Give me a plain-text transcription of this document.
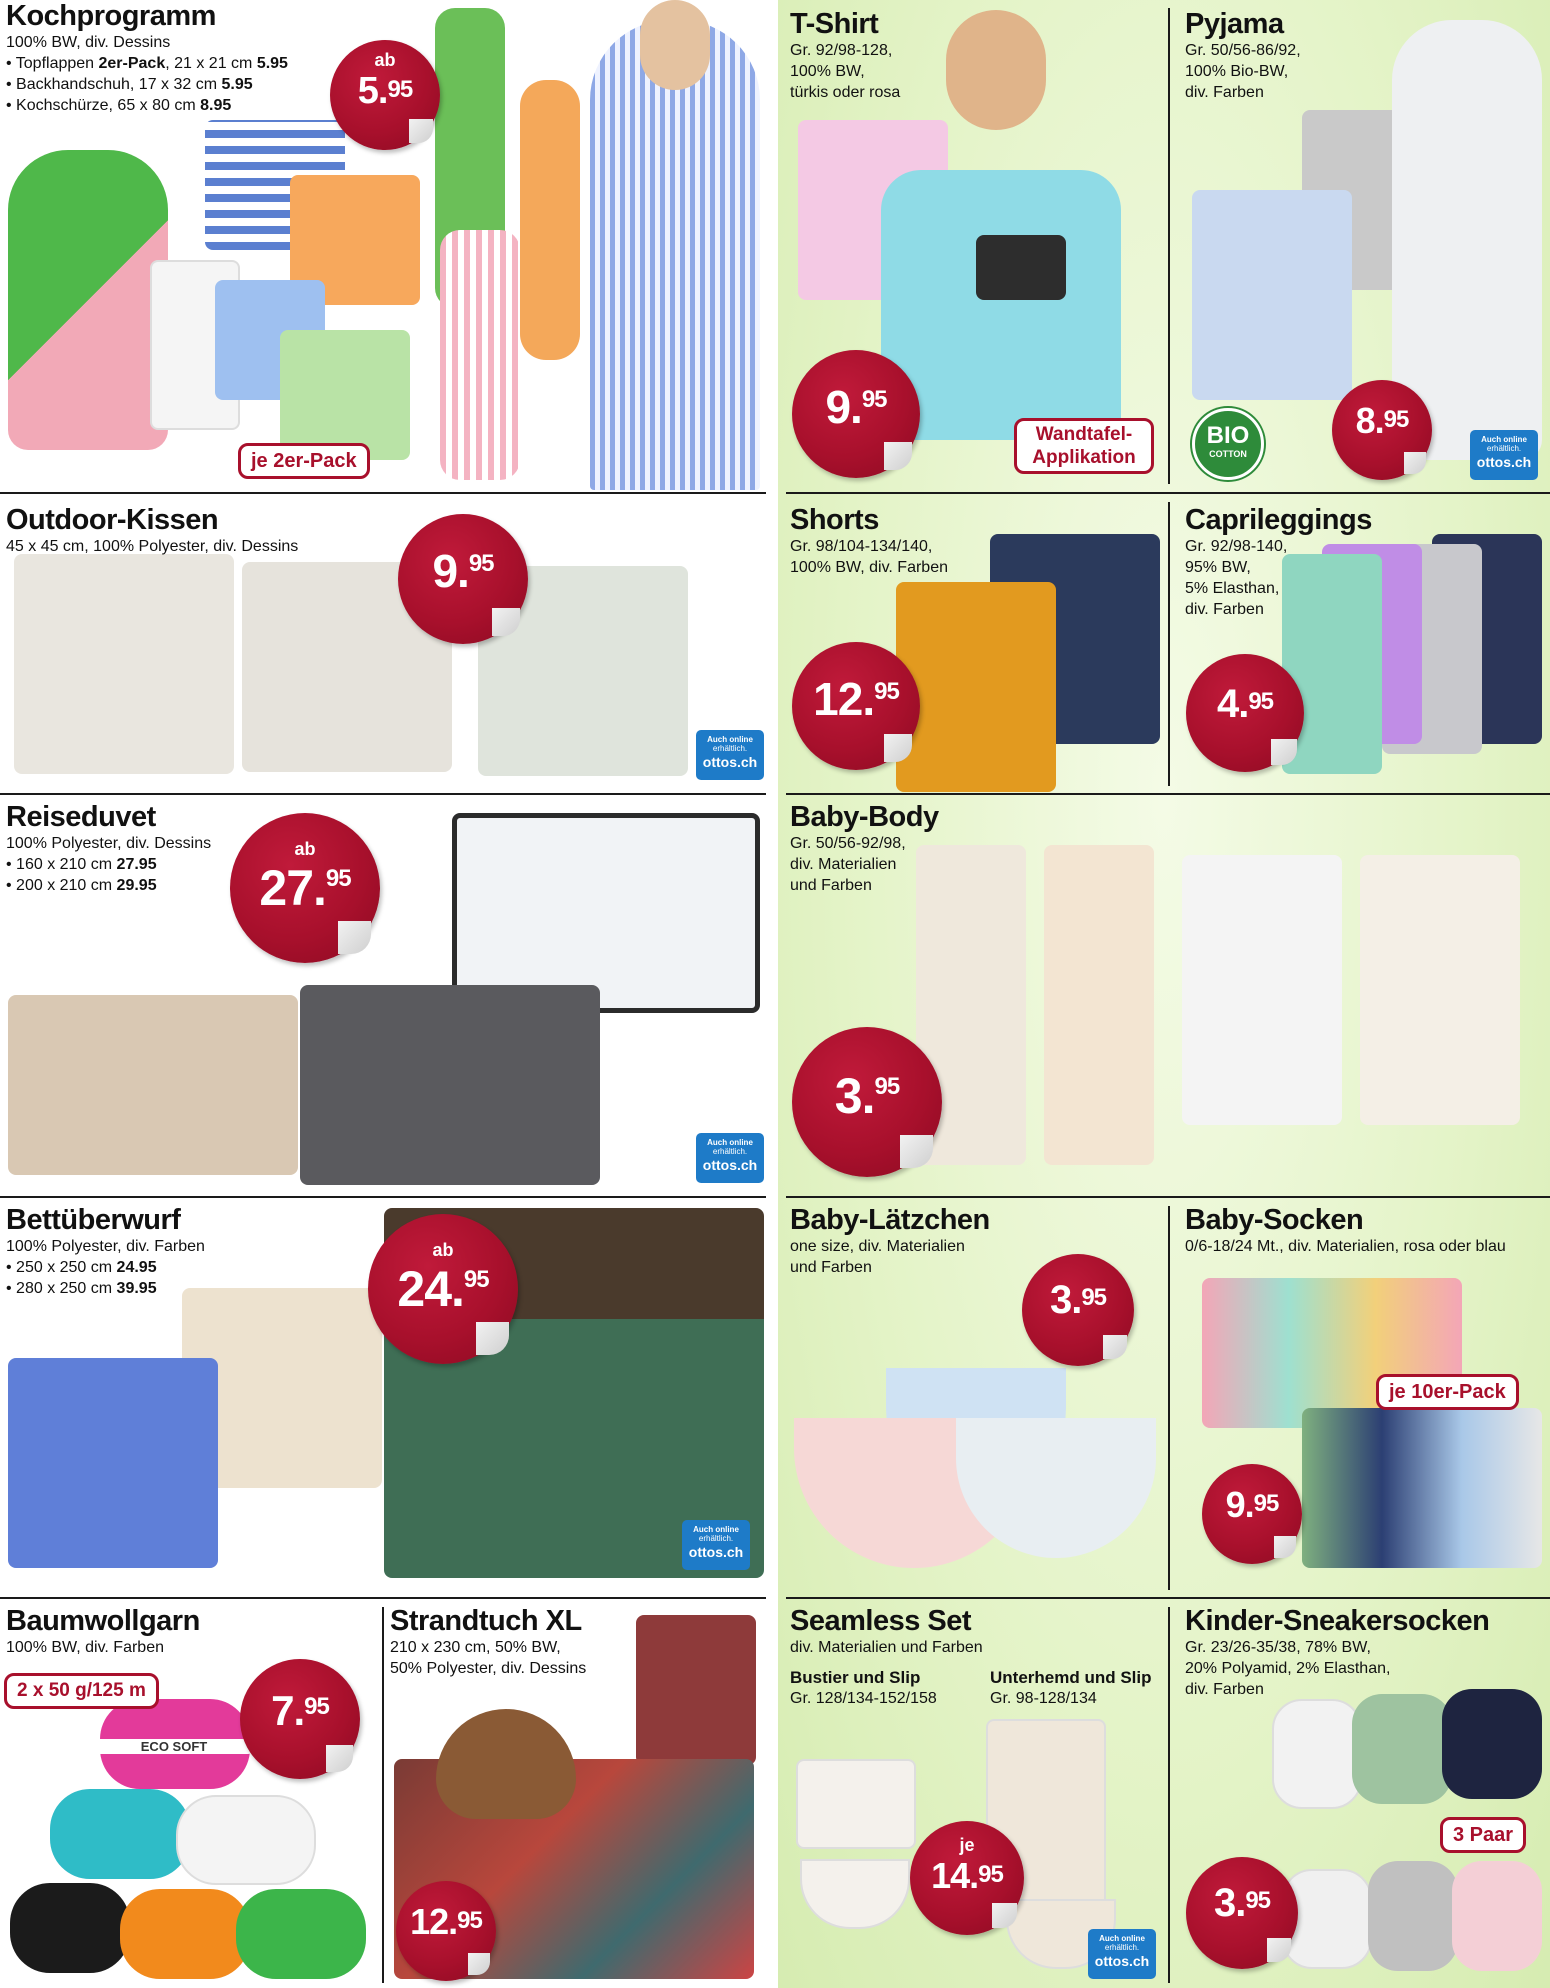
Kochprogramm
100% BW, div. Dessins
• Topflappen 2er-Pack, 21 x 21 cm 5.95
• Backhandschuh, 17 x 32 cm 5.95
• Kochschürze, 65 x 80 cm 8.95
ab
5.95
je 2er-Pack
T-Shirt
Gr. 92/98-128,
100% BW,
türkis oder rosa
9.95
Wandtafel-
Applikation
Pyjama
Gr. 50/56-86/92,
100% Bio-BW,
div. Farben
BIO
COTTON
8.95
Auch online
erhältlich.
ottos.ch
Outdoor-Kissen
45 x 45 cm, 100% Polyester, div. Dessins	9.95
Auch online
erhältlich.
ottos.ch
Shorts
Gr. 98/104-134/140,
100% BW, div. Farben
12.95
Caprileggings
Gr. 92/98-140,
95% BW,
5% Elasthan,
div. Farben
4.95
Reiseduvet
100% Polyester, div. Dessins
• 160 x 210 cm 27.95
• 200 x 210 cm 29.95
ab
27.95
Auch online
erhältlich.
ottos.ch
Baby-Body
Gr. 50/56-92/98,
div. Materialien
und Farben
3.95
Bettüberwurf
100% Polyester, div. Farben
• 250 x 250 cm 24.95
• 280 x 250 cm 39.95
ab
24.95
Auch online
erhältlich.
ottos.ch
Baby-Lätzchen
one size, div. Materialien
und Farben
3.95
Baby-Socken
0/6-18/24 Mt., div. Materialien, rosa oder blau
je 10er-Pack
9.95
ECO SOFT
Baumwollgarn
100% BW, div. Farben
2 x 50 g/125 m	7.95
Strandtuch XL
210 x 230 cm, 50% BW,
50% Polyester, div. Dessins
12.95
Seamless Set
div. Materialien und Farben
Bustier und Slip
Gr. 128/134-152/158
Unterhemd und Slip
Gr. 98-128/134
je
14.95
Auch online
erhältlich.
ottos.ch
Kinder-Sneakersocken
Gr. 23/26-35/38, 78% BW,
20% Polyamid, 2% Elasthan,
div. Farben
3 Paar
3.95
